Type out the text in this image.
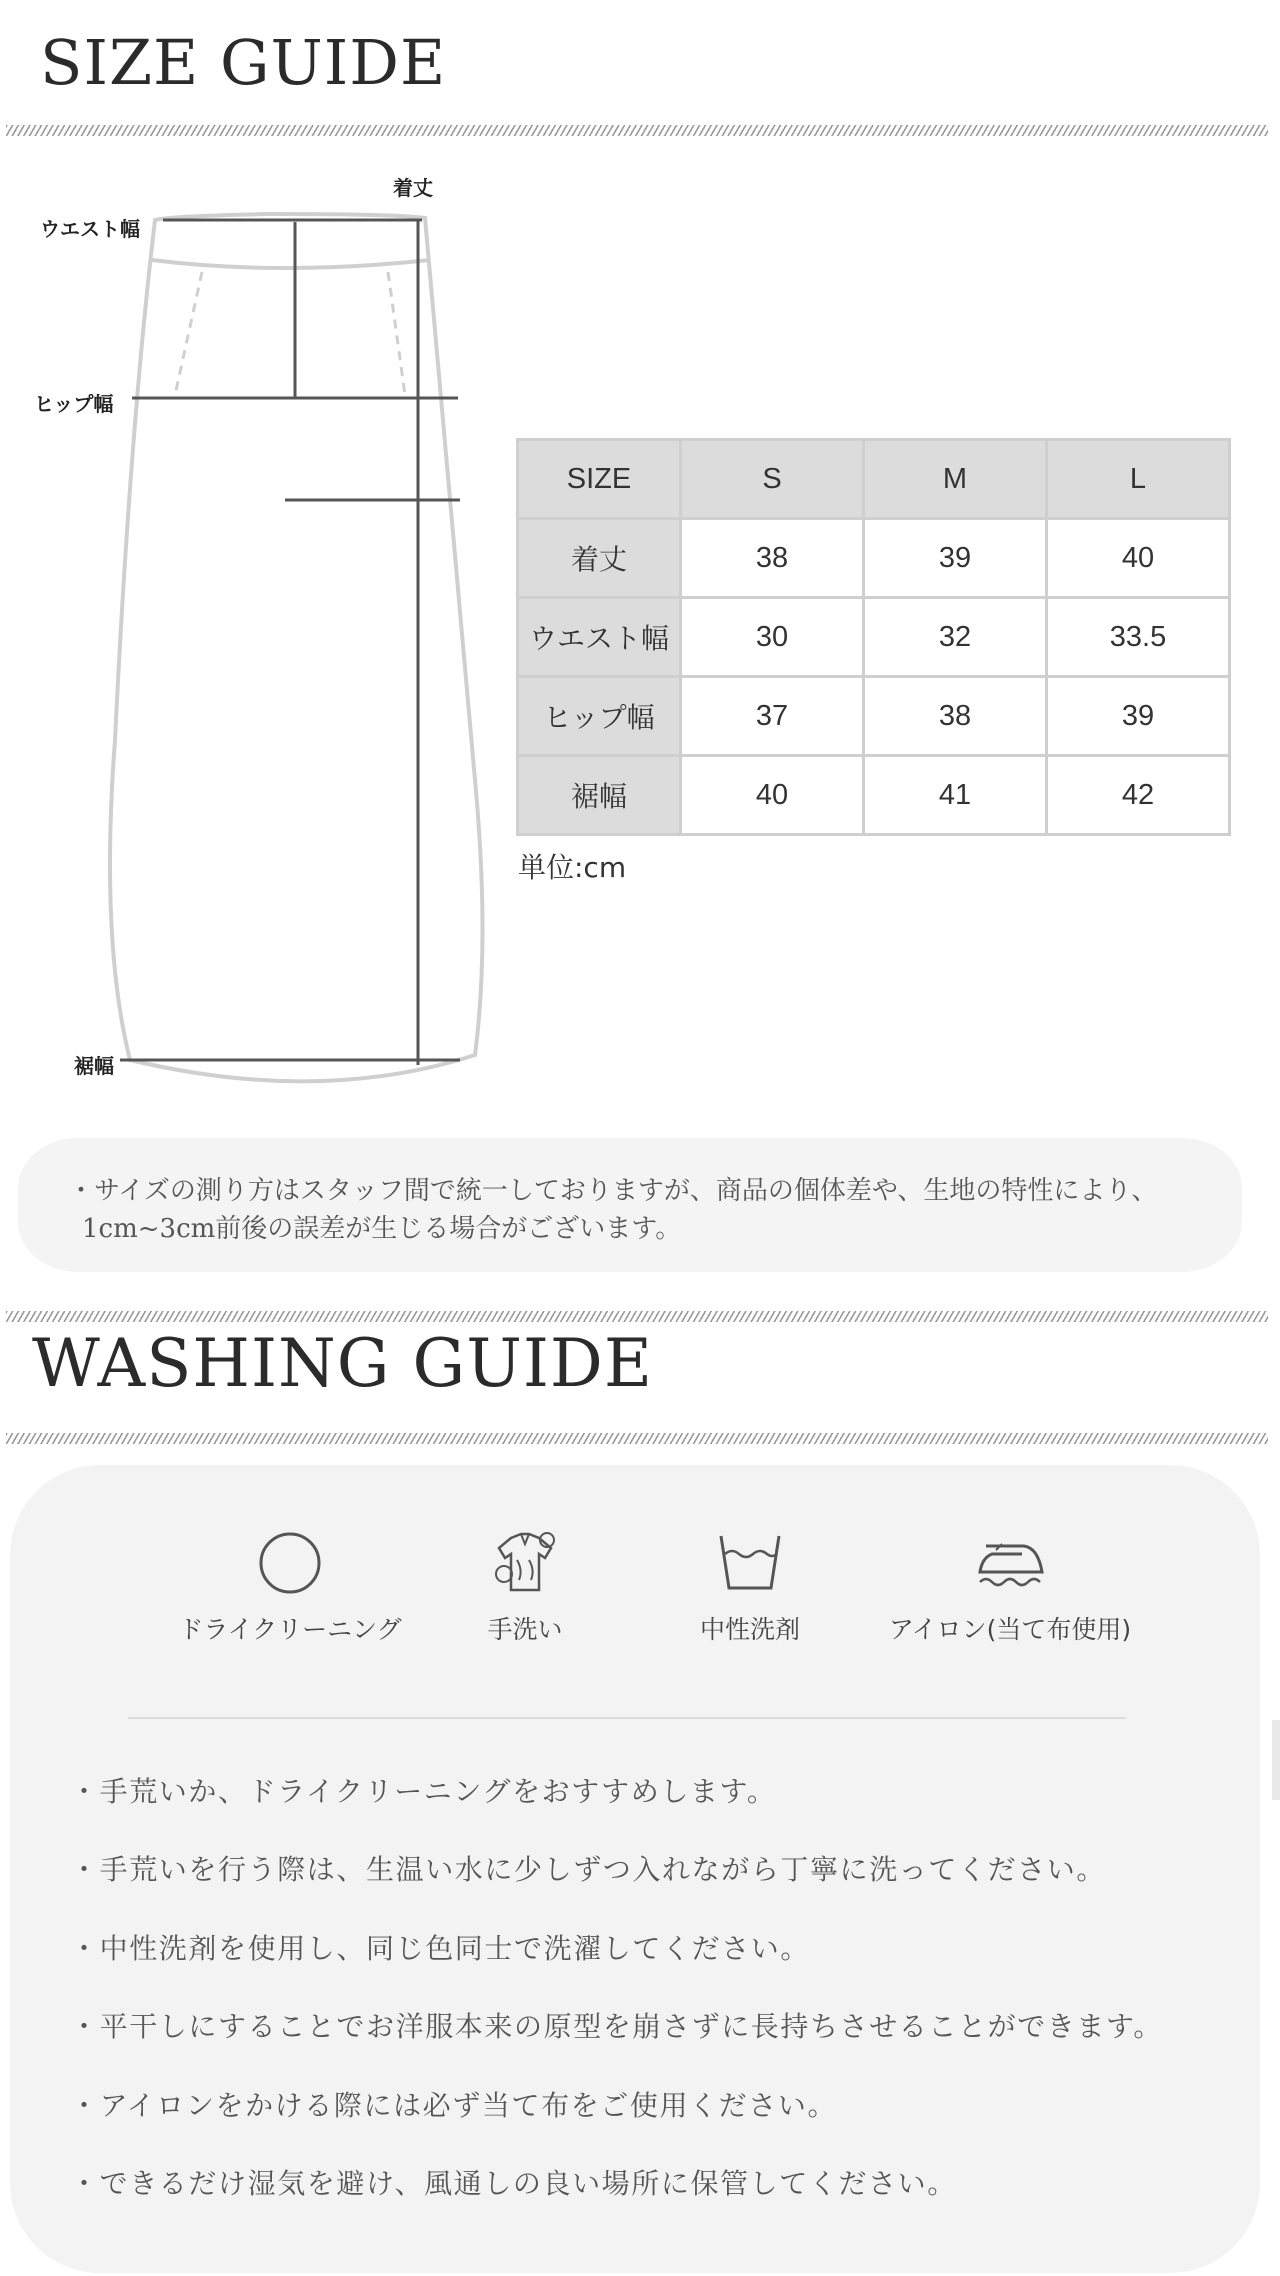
SIZE GUIDE
着丈
ウエスト幅
ヒップ幅
裾幅
SIZE	S	M	L
着丈	38	39	40
ウエスト幅	30	32	33.5
ヒップ幅	37	38	39
裾幅	40	41	42
単位:cm

・サイズの測り方はスタッフ間で統一しておりますが、商品の個体差や、生地の特性により、

1cm~3cm前後の誤差が生じる場合がございます。

WASHING GUIDE
ドライクリーニング	手洗い	中性洗剤	アイロン(当て布使用)

・手荒いか、ドライクリーニングをおすすめします。

・手荒いを行う際は、生温い水に少しずつ入れながら丁寧に洗ってください。

・中性洗剤を使用し、同じ色同士で洗濯してください。

・平干しにすることでお洋服本来の原型を崩さずに長持ちさせることができます。

・アイロンをかける際には必ず当て布をご使用ください。

・できるだけ湿気を避け、風通しの良い場所に保管してください。
